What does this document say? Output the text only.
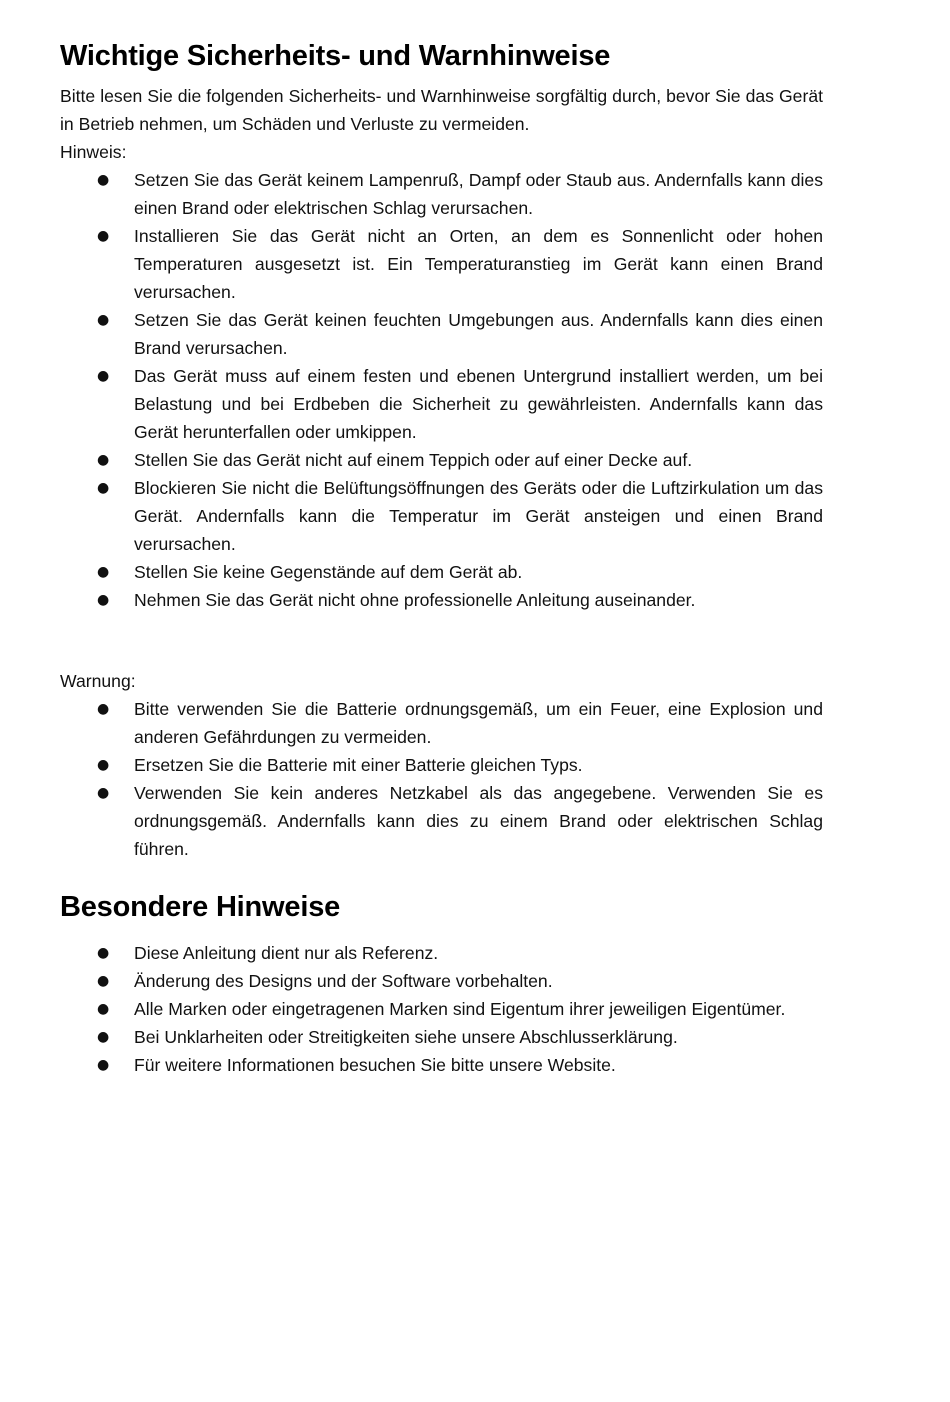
Wichtige Sicherheits- und Warnhinweise

Bitte lesen Sie die folgenden Sicherheits- und Warnhinweise sorgfältig durch, bevor Sie das Gerät in Betrieb nehmen, um Schäden und Verluste zu vermeiden.

Hinweis:

● Setzen Sie das Gerät keinem Lampenruß, Dampf oder Staub aus. Andernfalls kann dies einen Brand oder elektrischen Schlag verursachen.
● Installieren Sie das Gerät nicht an Orten, an dem es Sonnenlicht oder hohen Temperaturen ausgesetzt ist. Ein Temperaturanstieg im Gerät kann einen Brand verursachen.
● Setzen Sie das Gerät keinen feuchten Umgebungen aus. Andernfalls kann dies einen Brand verursachen.
● Das Gerät muss auf einem festen und ebenen Untergrund installiert werden, um bei Belastung und bei Erdbeben die Sicherheit zu gewährleisten. Andernfalls kann das Gerät herunterfallen oder umkippen.
● Stellen Sie das Gerät nicht auf einem Teppich oder auf einer Decke auf.
● Blockieren Sie nicht die Belüftungsöffnungen des Geräts oder die Luftzirkulation um das Gerät. Andernfalls kann die Temperatur im Gerät ansteigen und einen Brand verursachen.
● Stellen Sie keine Gegenstände auf dem Gerät ab.
● Nehmen Sie das Gerät nicht ohne professionelle Anleitung auseinander.

Warnung:

● Bitte verwenden Sie die Batterie ordnungsgemäß, um ein Feuer, eine Explosion und anderen Gefährdungen zu vermeiden.
● Ersetzen Sie die Batterie mit einer Batterie gleichen Typs.
● Verwenden Sie kein anderes Netzkabel als das angegebene. Verwenden Sie es ordnungsgemäß. Andernfalls kann dies zu einem Brand oder elektrischen Schlag führen.
Besondere Hinweise
● Diese Anleitung dient nur als Referenz.
● Änderung des Designs und der Software vorbehalten.
● Alle Marken oder eingetragenen Marken sind Eigentum ihrer jeweiligen Eigentümer.
● Bei Unklarheiten oder Streitigkeiten siehe unsere Abschlusserklärung.
● Für weitere Informationen besuchen Sie bitte unsere Website.
